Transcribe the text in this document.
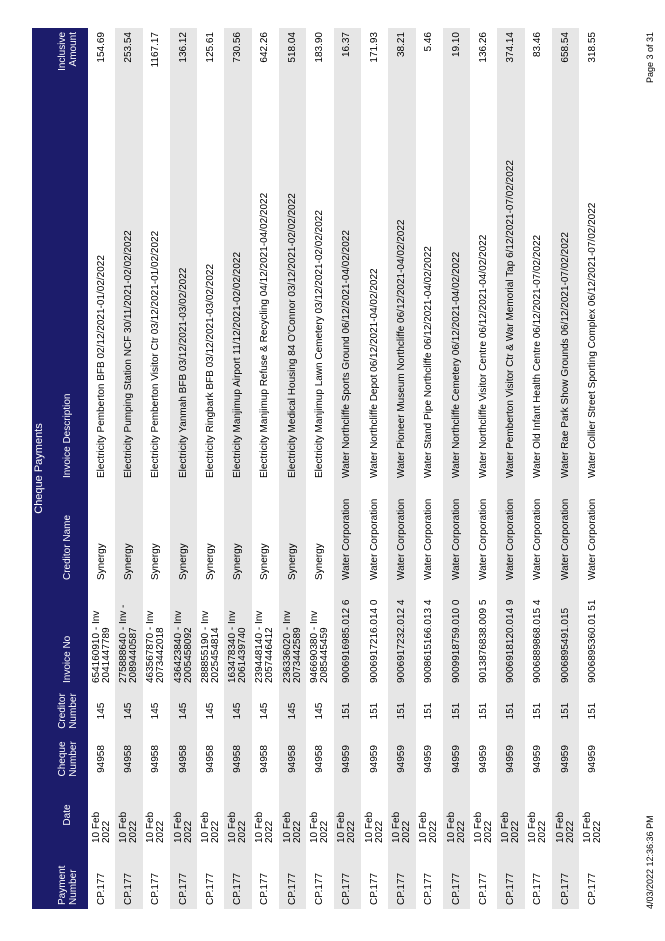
Cheque Payments
Payment Number	Date	Cheque Number	Creditor Number	Invoice No	Creditor Name	Invoice Description	Inclusive Amount
CP.177	10 Feb 2022	94958	145	654160910 - Inv 2041447789	Synergy	Electricity Pemberton BFB 02/12/2021-01/02/2022	154.69
CP.177	10 Feb 2022	94958	145	275888640 - Inv - 2089440587	Synergy	Electricity Pumping Station NCF 30/11/2021-02/02/2022	253.54
CP.177	10 Feb 2022	94958	145	463567870 - Inv 2073442018	Synergy	Electricity Pemberton Visitor Ctr 03/12/2021-01/02/2022	1167.17
CP.177	10 Feb 2022	94958	145	436423840 - Inv 2005458092	Synergy	Electricity Yanmah BFB 03/12/2021-03/02/2022	136.12
CP.177	10 Feb 2022	94958	145	288855190 - Inv 2025454814	Synergy	Electricity Ringbark BFB 03/12/2021-03/02/2022	125.61
CP.177	10 Feb 2022	94958	145	163478340 - Inv 2061439740	Synergy	Electricity Manjimup Airport 11/12/2021-02/02/2022	730.56
CP.177	10 Feb 2022	94958	145	239448140 - Inv 2057446412	Synergy	Electricity Manjimup Refuse & Recycling 04/12/2021-04/02/2022	642.26
CP.177	10 Feb 2022	94958	145	236336020 - Inv 2073442589	Synergy	Electricity Medical Housing 84 O'Connor 03/12/2021-02/02/2022	518.04
CP.177	10 Feb 2022	94958	145	946690380 - Inv 2085445459	Synergy	Electricity Manjimup Lawn Cemetery 03/12/2021-02/02/2022	183.90
CP.177	10 Feb 2022	94959	151	9006916985.012 6	Water Corporation	Water Northcliffe Sports Ground 06/12/2021-04/02/2022	16.37
CP.177	10 Feb 2022	94959	151	9006917216.014 0	Water Corporation	Water Northcliffe Depot 06/12/2021-04/02/2022	171.93
CP.177	10 Feb 2022	94959	151	9006917232.012 4	Water Corporation	Water Pioneer Museum Northcliffe 06/12/2021-04/02/2022	38.21
CP.177	10 Feb 2022	94959	151	9008615166.013 4	Water Corporation	Water Stand Pipe Northcliffe 06/12/2021-04/02/2022	5.46
CP.177	10 Feb 2022	94959	151	9009918759.010 0	Water Corporation	Water Northcliffe Cemetery 06/12/2021-04/02/2022	19.10
CP.177	10 Feb 2022	94959	151	9013876838.009 5	Water Corporation	Water Northcliffe Visitor Centre 06/12/2021-04/02/2022	136.26
CP.177	10 Feb 2022	94959	151	9006918120.014 9	Water Corporation	Water Pemberton Visitor Ctr & War Memorial Tap 6/12/2021-07/02/2022	374.14
CP.177	10 Feb 2022	94959	151	9006889868.015 4	Water Corporation	Water Old Infant Health Centre 06/12/2021-07/02/2022	83.46
CP.177	10 Feb 2022	94959	151	9006895491.015	Water Corporation	Water Rae Park Show Grounds 06/12/2021-07/02/2022	658.54
CP.177	10 Feb 2022	94959	151	9006895360.01 51	Water Corporation	Water Collier Street Sporting Complex 06/12/2021-07/02/2022	318.55
4/03/2022 12:36:36 PM
Page 3 of 31
